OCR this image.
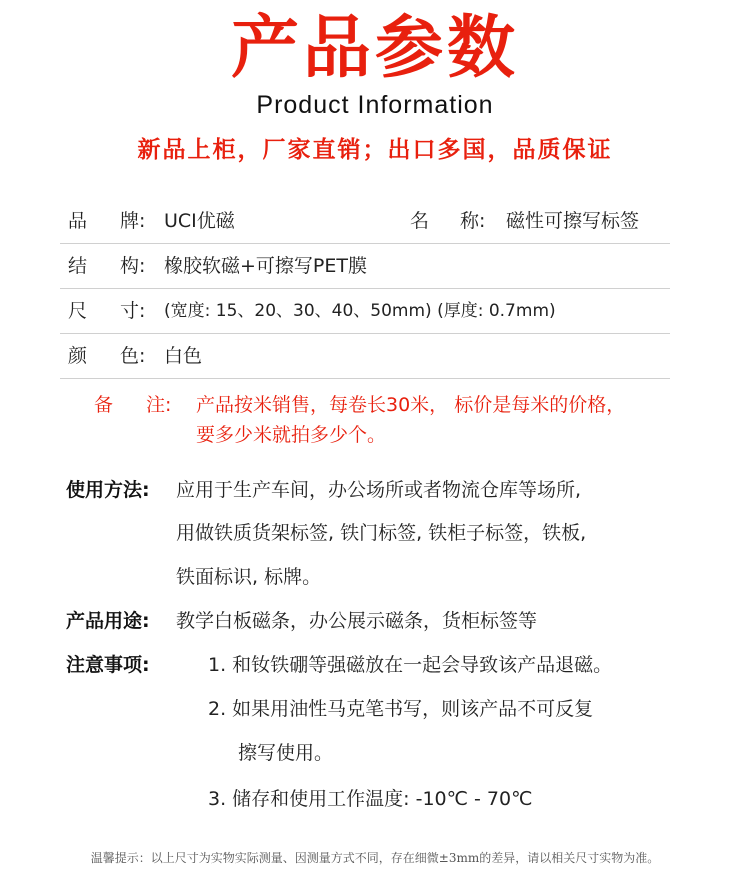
产品参数
Product Information
新品上柜，厂家直销；出口多国，品质保证
品 牌: UCI优磁	名 称: 磁性可擦写标签
结 构: 橡胶软磁+可擦写PET膜
尺 寸: (宽度: 15、20、30、40、50mm) (厚度: 0.7mm)
颜 色: 白色
备 注: 产品按米销售，每卷长30米， 标价是每米的价格，
要多少米就拍多少个。
使用方法: 应用于生产车间，办公场所或者物流仓库等场所,
用做铁质货架标签, 铁门标签, 铁柜子标签，铁板,
铁面标识, 标牌。
产品用途: 教学白板磁条，办公展示磁条，货柜标签等
注意事项:	1. 和钕铁硼等强磁放在一起会导致该产品退磁。
2. 如果用油性马克笔书写，则该产品不可反复
擦写使用。
3. 储存和使用工作温度: -10℃ - 70℃
温馨提示：以上尺寸为实物实际测量、因测量方式不同，存在细微±3mm的差异，请以相关尺寸实物为准。
